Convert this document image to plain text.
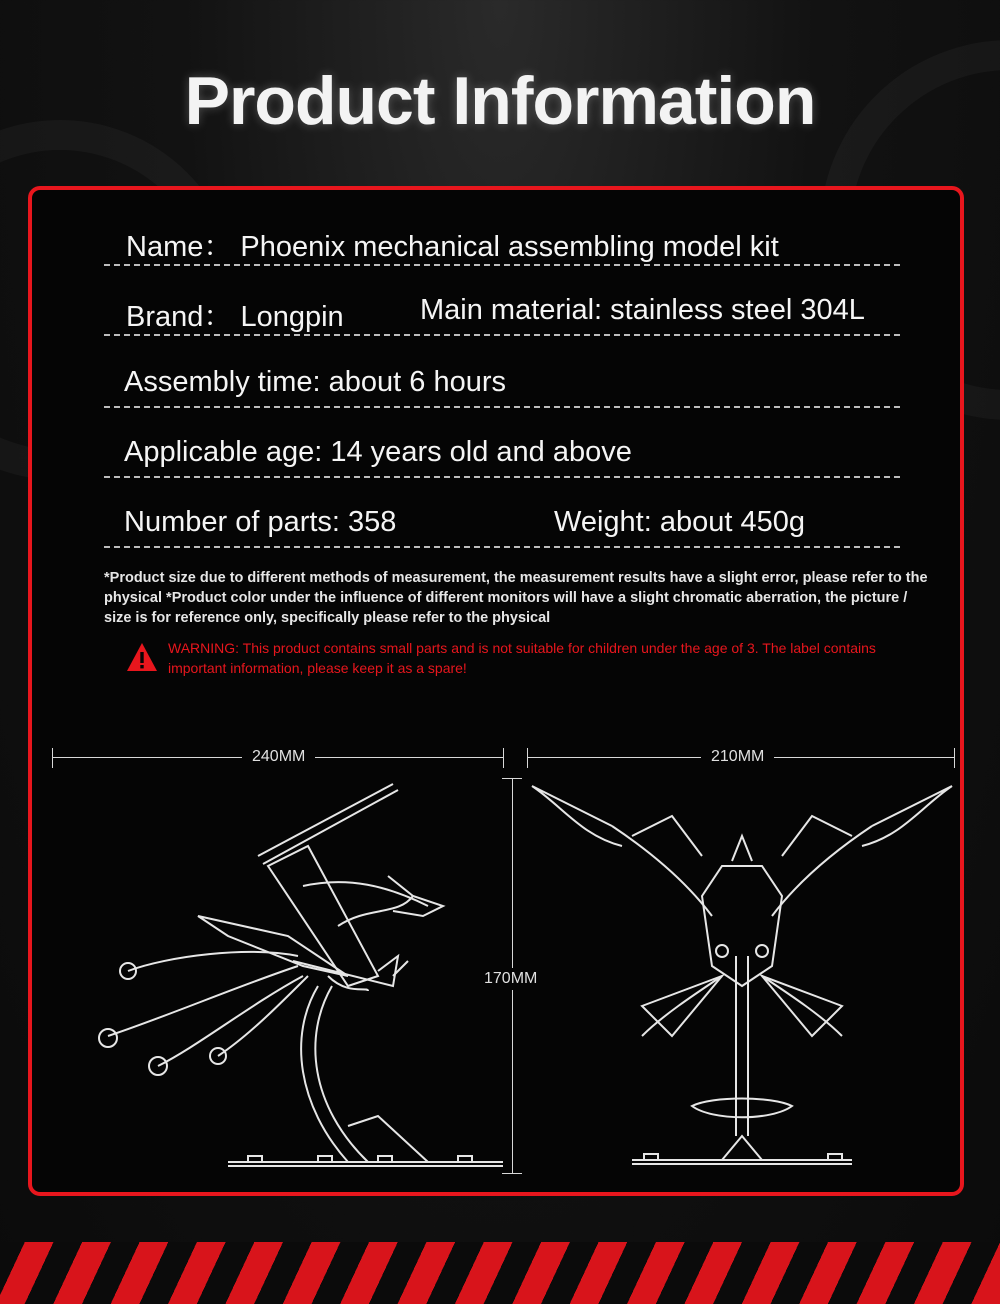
Product Information
Name： Phoenix mechanical assembling model kit
Brand： Longpin	Main material: stainless steel 304L
Assembly time: about 6 hours
Applicable age: 14 years old and above
Number of parts: 358	Weight: about 450g
*Product size due to different methods of measurement, the measurement results have a slight error, please refer to the physical *Product color under the influence of different monitors will have a slight chromatic aberration, the picture / size is for reference only, specifically please refer to the physical
WARNING: This product contains small parts and is not suitable for children under the age of 3. The label contains important information, please keep it as a spare!
240MM	210MM
170MM
